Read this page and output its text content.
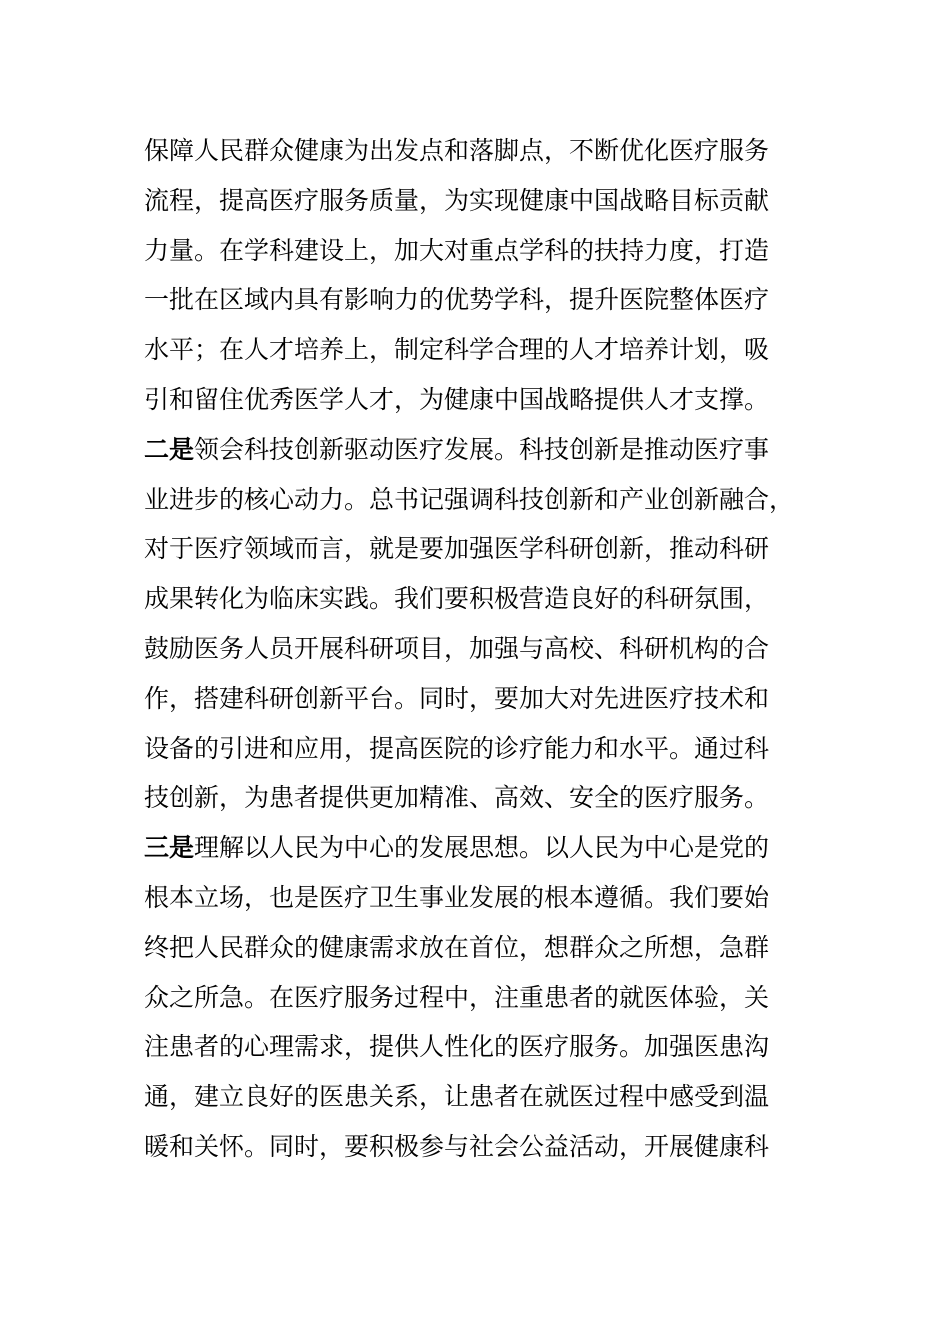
保障人民群众健康为出发点和落脚点，不断优化医疗服务
流程，提高医疗服务质量，为实现健康中国战略目标贡献
力量。在学科建设上，加大对重点学科的扶持力度，打造
一批在区域内具有影响力的优势学科，提升医院整体医疗
水平；在人才培养上，制定科学合理的人才培养计划，吸
引和留住优秀医学人才，为健康中国战略提供人才支撑。
二是领会科技创新驱动医疗发展。科技创新是推动医疗事
业进步的核心动力。总书记强调科技创新和产业创新融合，
对于医疗领域而言，就是要加强医学科研创新，推动科研
成果转化为临床实践。我们要积极营造良好的科研氛围，
鼓励医务人员开展科研项目，加强与高校、科研机构的合
作，搭建科研创新平台。同时，要加大对先进医疗技术和
设备的引进和应用，提高医院的诊疗能力和水平。通过科
技创新，为患者提供更加精准、高效、安全的医疗服务。
三是理解以人民为中心的发展思想。以人民为中心是党的
根本立场，也是医疗卫生事业发展的根本遵循。我们要始
终把人民群众的健康需求放在首位，想群众之所想，急群
众之所急。在医疗服务过程中，注重患者的就医体验，关
注患者的心理需求，提供人性化的医疗服务。加强医患沟
通，建立良好的医患关系，让患者在就医过程中感受到温
暖和关怀。同时，要积极参与社会公益活动，开展健康科
